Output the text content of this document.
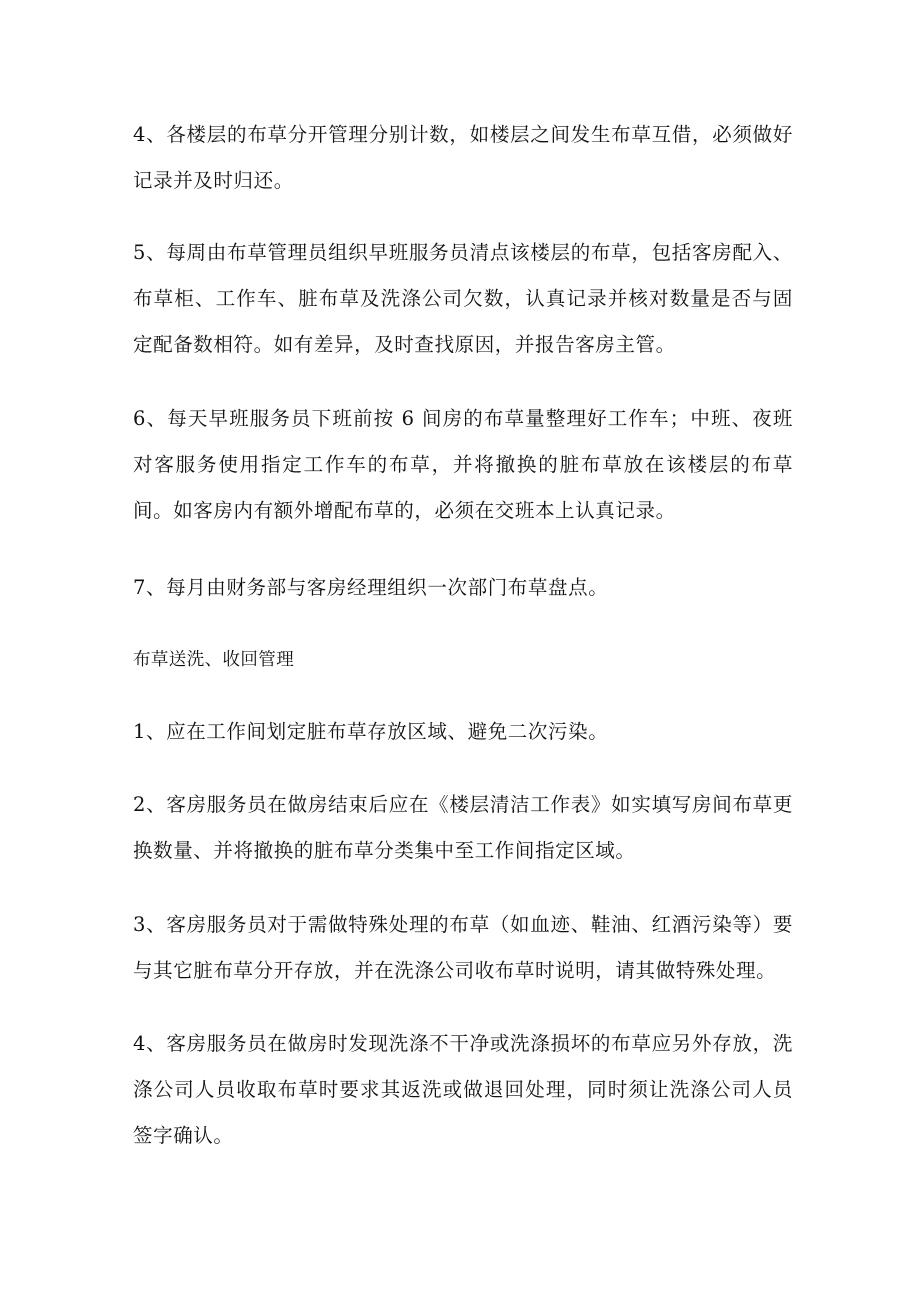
4、各楼层的布草分开管理分别计数，如楼层之间发生布草互借，必须做好记录并及时归还。

5、每周由布草管理员组织早班服务员清点该楼层的布草，包括客房配入、布草柜、工作车、脏布草及洗涤公司欠数，认真记录并核对数量是否与固定配备数相符。如有差异，及时查找原因，并报告客房主管。

6、每天早班服务员下班前按 6 间房的布草量整理好工作车；中班、夜班对客服务使用指定工作车的布草，并将撤换的脏布草放在该楼层的布草间。如客房内有额外增配布草的，必须在交班本上认真记录。

7、每月由财务部与客房经理组织一次部门布草盘点。

布草送洗、收回管理

1、应在工作间划定脏布草存放区域、避免二次污染。

2、客房服务员在做房结束后应在《楼层清洁工作表》如实填写房间布草更换数量、并将撤换的脏布草分类集中至工作间指定区域。

3、客房服务员对于需做特殊处理的布草（如血迹、鞋油、红酒污染等）要与其它脏布草分开存放，并在洗涤公司收布草时说明，请其做特殊处理。

4、客房服务员在做房时发现洗涤不干净或洗涤损坏的布草应另外存放，洗涤公司人员收取布草时要求其返洗或做退回处理，同时须让洗涤公司人员签字确认。
